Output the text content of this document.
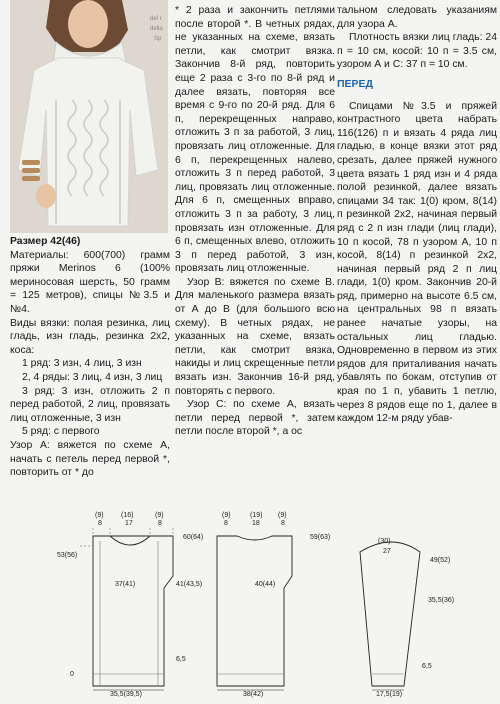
del r
della
Sp

Размер 42(46)

Материалы: 600(700) грамм пряжи Merinos 6 (100% мериносовая шерсть, 50 грамм = 125 метров), спицы №3.5 и №4.

Виды вязки: полая резинка, лиц гладь, изн гладь, резинка 2х2, коса:

1 ряд: 3 изн, 4 лиц, 3 изн

2, 4 ряды: 3 лиц, 4 изн, 3 лиц

3 ряд: 3 изн, отложить 2 п перед работой, 2 лиц, провязать лиц отложенные, 3 изн

5 ряд: с первого

Узор А: вяжется по схеме А, начать с петель перед первой *, повторить от * до

* 2 раза и закончить петлями после второй *. В четных рядах, не указанных на схеме, вязать петли, как смотрит вязка. Закончив 8-й ряд, повторить еще 2 раза с 3-го по 8-й ряд и далее вязать, повторяя все время с 9-го по 20-й ряд. Для 6 п, перекрещенных направо, отложить 3 п за работой, 3 лиц, провязать лиц отложенные. Для 6 п, перекрещенных налево, отложить 3 п перед работой, 3 лиц, провязать лиц отложенные. Для 6 п, смещенных вправо, отложить 3 п за работу, 3 лиц, провязать изн отложенные. Для 6 п, смещенных влево, отложить 3 п перед работой, 3 изн, провязать лиц отложенные.

Узор В: вяжется по схеме В. Для маленького размера вязать от А до В (для большого всю схему). В четных рядах, не указанных на схеме, вязать петли, как смотрит вязка, накиды и лиц скрещенные петли вязать изн. Закончив 16-й ряд, повторять с первого.

Узор С: по схеме А, вязать петли перед первой *, затем петли после второй *, а ос

тальном следовать указаниям для узора А.

Плотность вязки лиц гладь: 24 п = 10 см, косой: 10 п = 3.5 см, узором А и С: 37 п = 10 см.

ПЕРЕД

Спицами №3.5 и пряжей контрастного цвета набрать 116(126) п и вязать 4 ряда лиц гладью, в конце вязки этот ряд срезать, далее пряжей нужного цвета вязать 1 ряд изн и 4 ряда полой резинкой, далее вязать спицами 34 так: 1(0) кром, 8(14) п резинкой 2х2, начиная первый ряд с 2 п изн глади (лиц глади), 10 п косой, 78 п узором А, 10 п косой, 8(14) п резинкой 2х2, начиная первый ряд 2 п лиц глади, 1(0) кром. Закончив 20-й ряд, примерно на высоте 6.5 см, на центральных 98 п вязать ранее начатые узоры, на остальных лиц гладью. Одновременно в первом из этих рядов для приталивания начать убавлять по бокам, отступив от края по 1 п, убавить 1 петлю, через 8 рядов еще по 1, далее в каждом 12-м ряду убав-

(9) (16)	(9)
8	17	8
53(56)
60(64)
37(41)	41(43,5)
6,5
0
35,5(39,5)
(9)	(19) (9)
8	18	8
59(63)
40(44)
38(42)
(30)
27
49(52)
35,5(36)
6,5
17,5(19)
